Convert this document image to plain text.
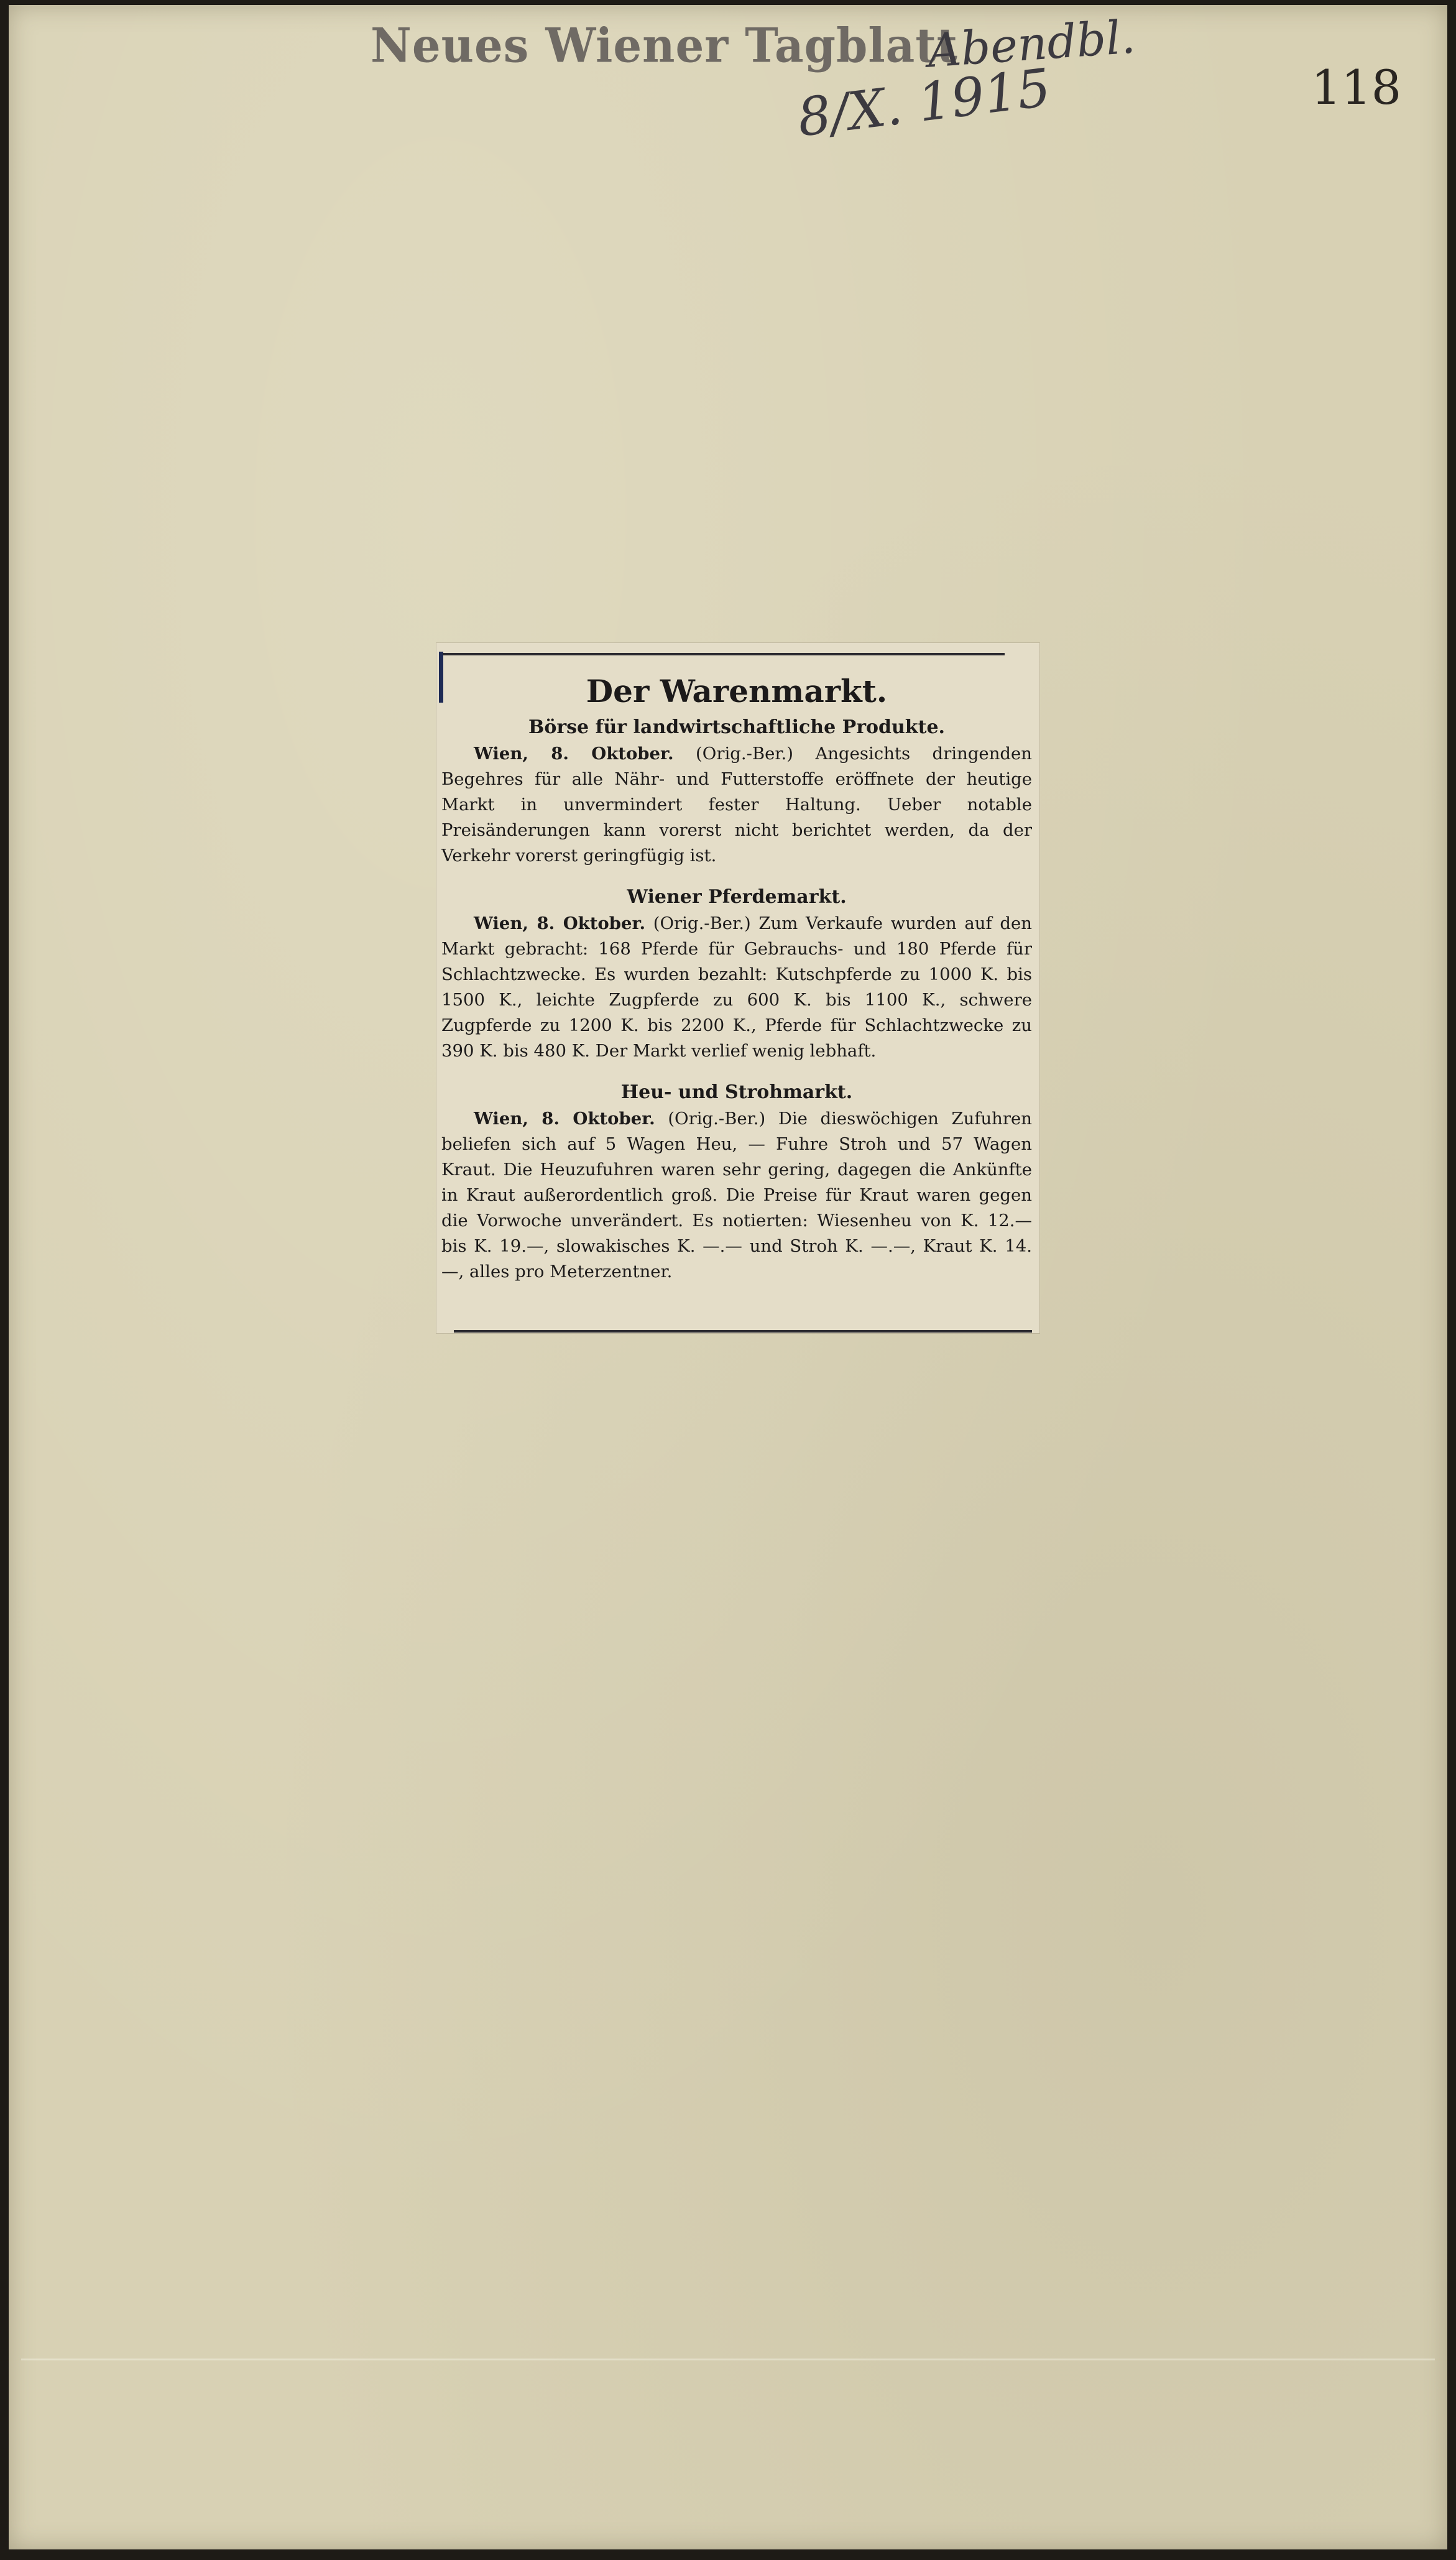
Neues Wiener Tagblatt
Abendbl.
8/X. 1915	118
Der Warenmarkt.
Börse für landwirtschaftliche Produkte.

Wien, 8. Oktober. (Orig.-Ber.) Angesichts dringenden Begehres für alle Nähr- und Futterstoffe eröffnete der heutige Markt in unvermindert fester Haltung. Ueber notable Preisänderungen kann vorerst nicht berichtet werden, da der Verkehr vorerst geringfügig ist.

Wiener Pferdemarkt.

Wien, 8. Oktober. (Orig.-Ber.) Zum Verkaufe wurden auf den Markt gebracht: 168 Pferde für Gebrauchs- und 180 Pferde für Schlachtzwecke. Es wurden bezahlt: Kutschpferde zu 1000 K. bis 1500 K., leichte Zugpferde zu 600 K. bis 1100 K., schwere Zugpferde zu 1200 K. bis 2200 K., Pferde für Schlachtzwecke zu 390 K. bis 480 K. Der Markt verlief wenig lebhaft.

Heu- und Strohmarkt.

Wien, 8. Oktober. (Orig.-Ber.) Die dieswöchigen Zufuhren beliefen sich auf 5 Wagen Heu, — Fuhre Stroh und 57 Wagen Kraut. Die Heuzufuhren waren sehr gering, dagegen die Ankünfte in Kraut außerordentlich groß. Die Preise für Kraut waren gegen die Vorwoche unverändert. Es notierten: Wiesenheu von K. 12.— bis K. 19.—, slowakisches K. —.— und Stroh K. —.—, Kraut K. 14.—, alles pro Meterzentner.
